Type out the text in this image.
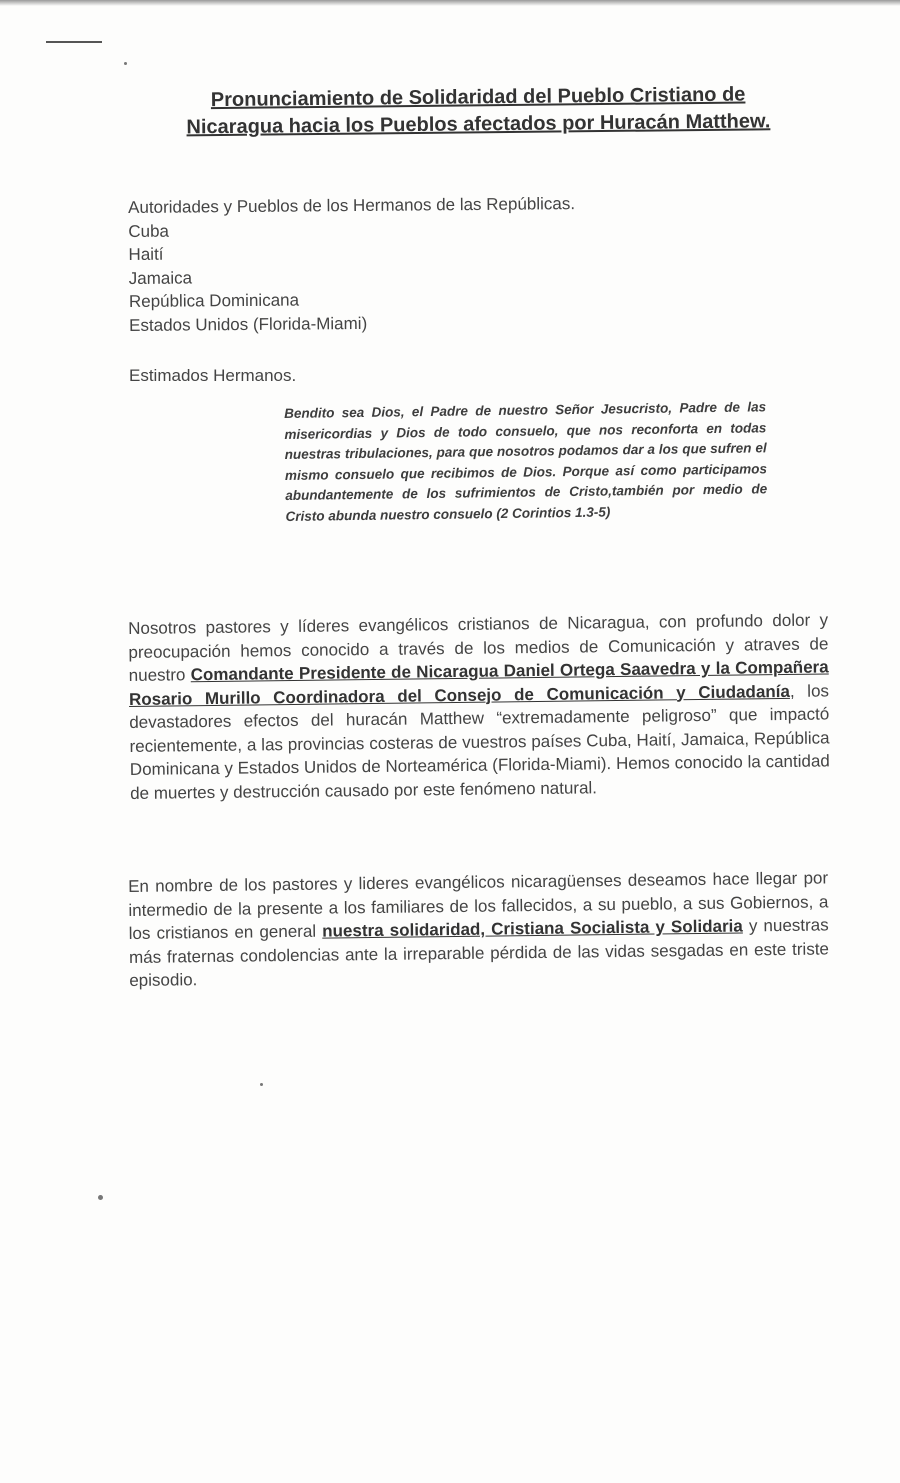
Pronunciamiento de Solidaridad del Pueblo Cristiano de
Nicaragua hacia los Pueblos afectados por Huracán Matthew.
Autoridades y Pueblos de los Hermanos de las Repúblicas.
Cuba
Haití
Jamaica
República Dominicana
Estados Unidos (Florida-Miami)
Estimados Hermanos.
Bendito sea Dios, el Padre de nuestro Señor Jesucristo, Padre de las misericordias y Dios de todo consuelo, que nos reconforta en todas nuestras tribulaciones, para que nosotros podamos dar a los que sufren el mismo consuelo que recibimos de Dios. Porque así como participamos abundantemente de los sufrimientos de Cristo,también por medio de Cristo abunda nuestro consuelo (2 Corintios 1.3-5)
Nosotros pastores y líderes evangélicos cristianos de Nicaragua, con profundo dolor y preocupación hemos conocido a través de los medios de Comunicación y atraves de nuestro Comandante Presidente de Nicaragua Daniel Ortega Saavedra y la Compañera Rosario Murillo Coordinadora del Consejo de Comunicación y Ciudadanía, los devastadores efectos del huracán Matthew “extremadamente peligroso” que impactó recientemente, a las provincias costeras de vuestros países Cuba, Haití, Jamaica, República Dominicana y Estados Unidos de Norteamérica (Florida-Miami). Hemos conocido la cantidad de muertes y destrucción causado por este fenómeno natural.
En nombre de los pastores y lideres evangélicos nicaragüenses deseamos hace llegar por intermedio de la presente a los familiares de los fallecidos, a su pueblo, a sus Gobiernos, a los cristianos en general nuestra solidaridad, Cristiana Socialista y Solidaria y nuestras más fraternas condolencias ante la irreparable pérdida de las vidas sesgadas en este triste episodio.
